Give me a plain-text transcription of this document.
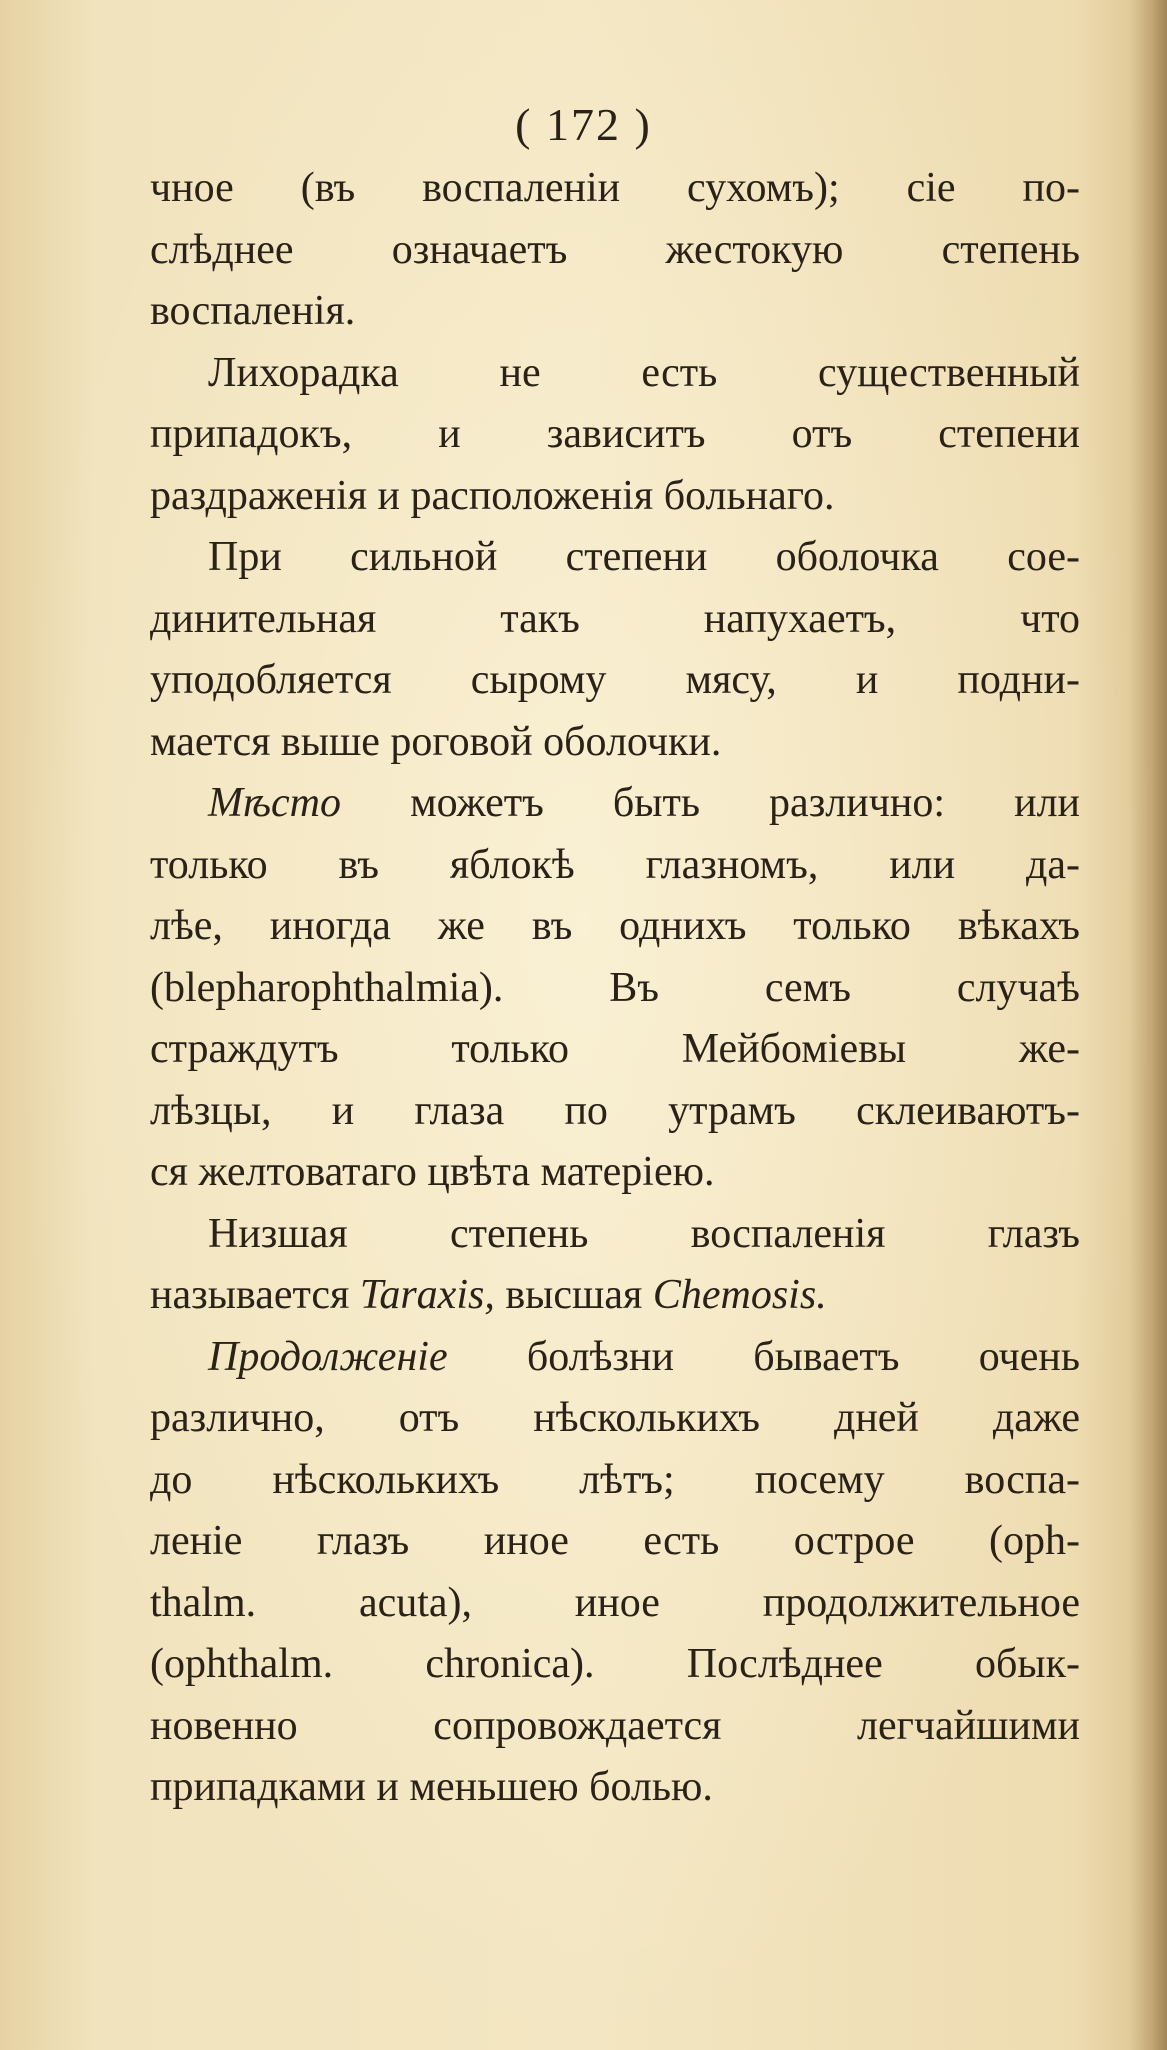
( 172 )
чное (въ воспаленiи сухомъ); сiе по-
слѣднее означаетъ жестокую степень
воспаленiя.
Лихорадка не есть существенный
припадокъ, и зависитъ отъ степени
раздраженiя и расположенiя больнаго.
При сильной степени оболочка сое-
динительная такъ напухаетъ, что
уподобляется сырому мясу, и подни-
мается выше роговой оболочки.
Мѣсто можетъ быть различно: или
только въ яблокѣ глазномъ, или да-
лѣе, иногда же въ однихъ только вѣкахъ
(blepharophthalmia). Въ семъ случаѣ
страждутъ только Мейбомiевы же-
лѣзцы, и глаза по утрамъ склеиваютъ-
ся желтоватаго цвѣта матерiею.
Низшая степень воспаленiя глазъ
называется Taraxis, высшая Chemosis.
Продолженiе болѣзни бываетъ очень
различно, отъ нѣсколькихъ дней даже
до нѣсколькихъ лѣтъ; посему воспа-
ленiе глазъ иное есть острое (oph-
thalm. acuta), иное продолжительное
(ophthalm. chronica). Послѣднее обык-
новенно сопровождается легчайшими
припадками и меньшею болью.
